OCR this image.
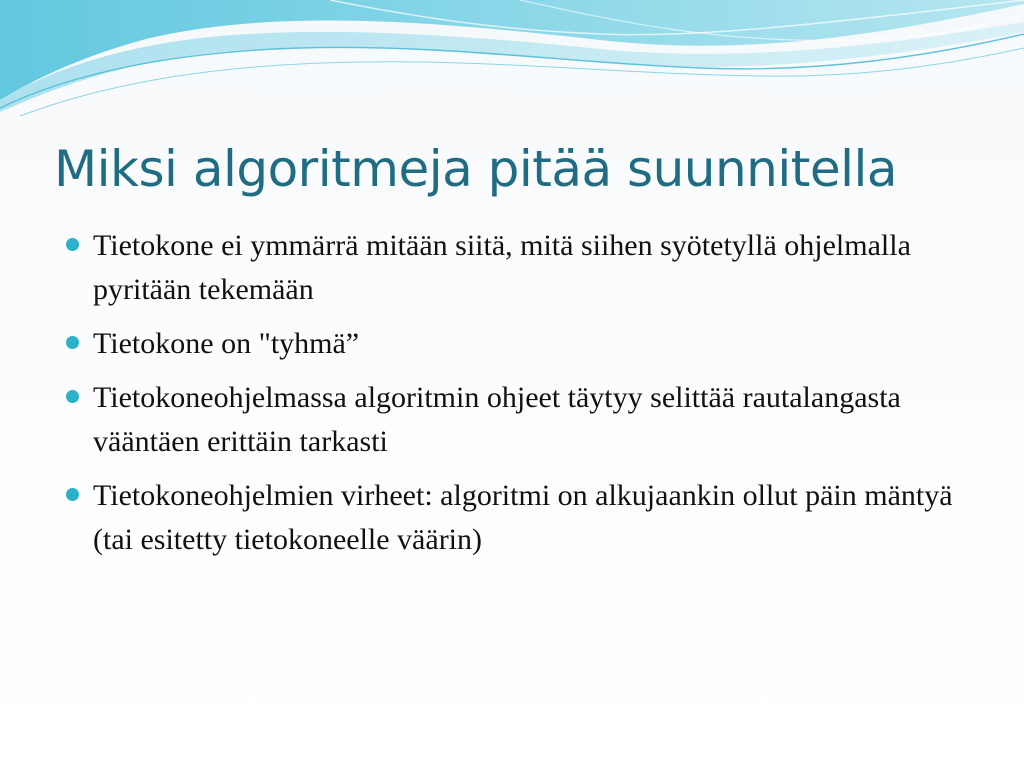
Miksi algoritmeja pitää suunnitella
Tietokone ei ymmärrä mitään siitä, mitä siihen syötetyllä ohjelmalla pyritään tekemään
Tietokone on "tyhmä”
Tietokoneohjelmassa algoritmin ohjeet täytyy selittää rautalangasta vääntäen erittäin tarkasti
Tietokoneohjelmien virheet: algoritmi on alkujaankin ollut päin mäntyä (tai esitetty tietokoneelle väärin)
